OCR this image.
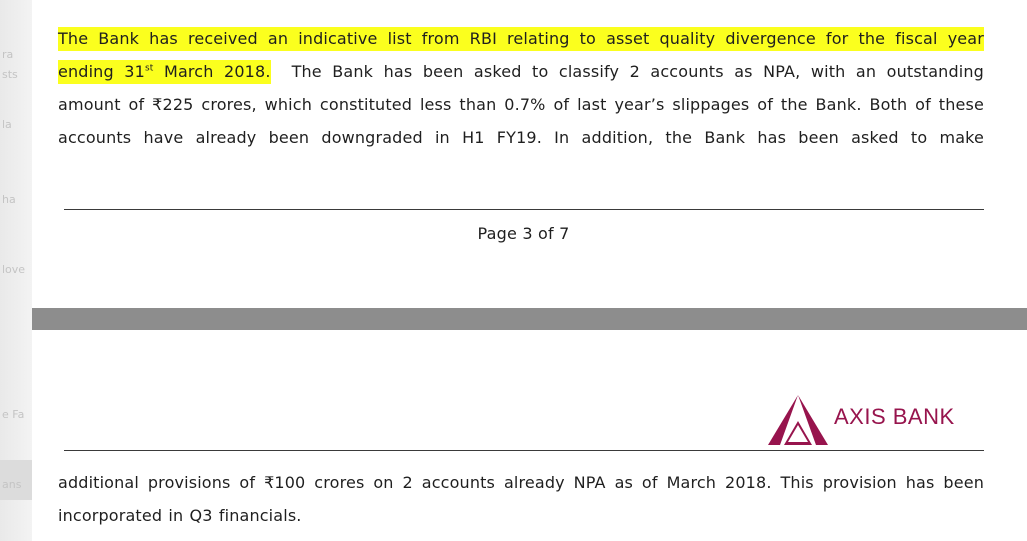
ra
sts
la
ha
love
e Fa
ans
The Bank has received an indicative list from RBI relating to asset quality divergence for the fiscal year
ending 31st March 2018. The Bank has been asked to classify 2 accounts as NPA, with an outstanding
amount of ₹225 crores, which constituted less than 0.7% of last year’s slippages of the Bank. Both of these
accounts have already been downgraded in H1 FY19. In addition, the Bank has been asked to make
Page 3 of 7
AXIS BANK
additional provisions of ₹100 crores on 2 accounts already NPA as of March 2018. This provision has been
incorporated in Q3 financials.
